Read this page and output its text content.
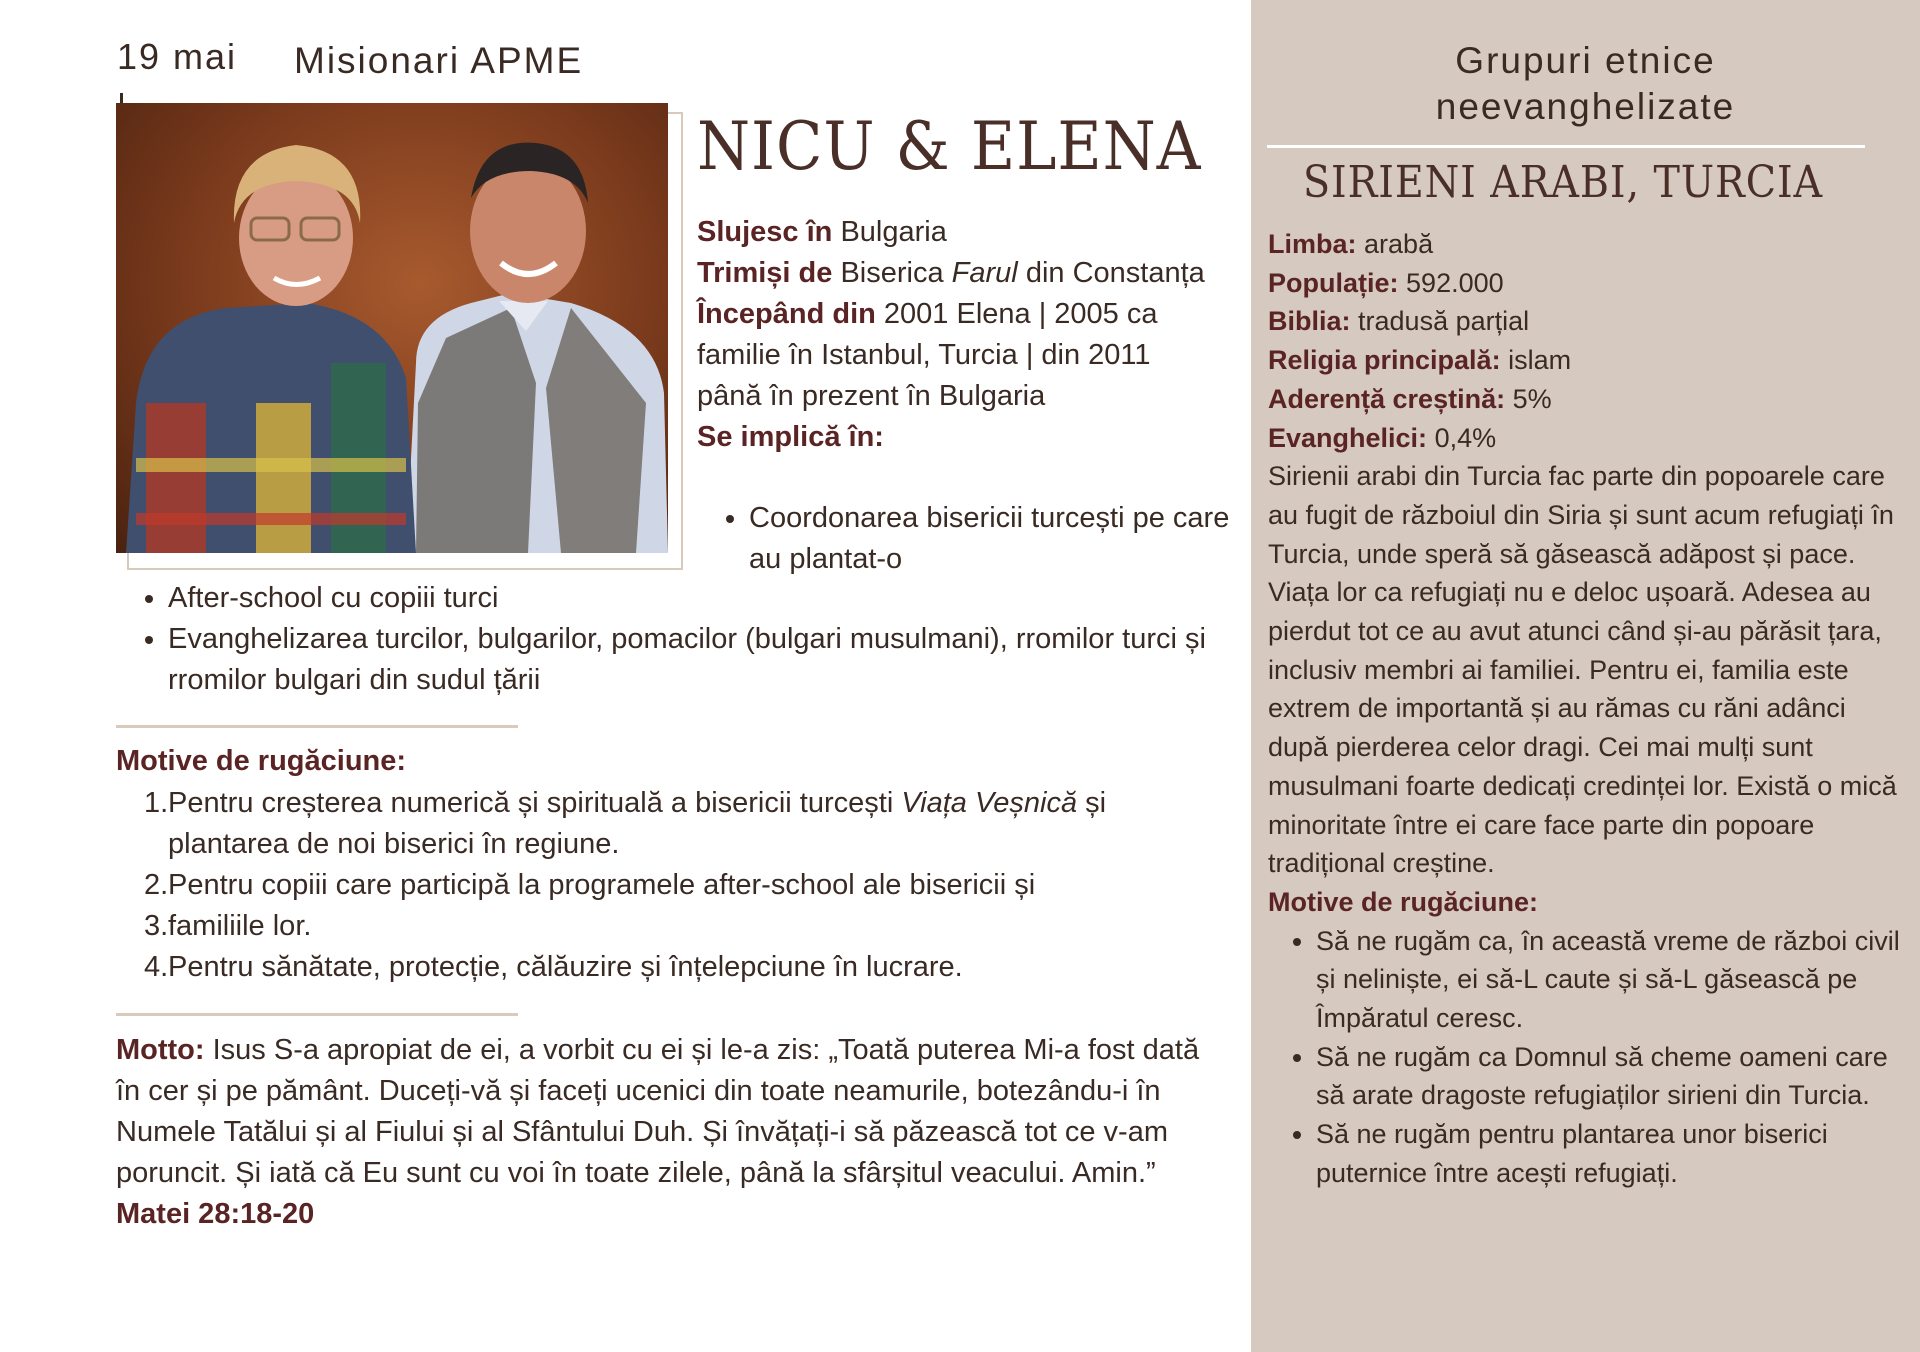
19 mai Misionari APME
NICU & ELENA

Slujesc în Bulgaria

Trimiși de Biserica Farul din Constanța

Începând din 2001 Elena | 2005 ca familie în Istanbul, Turcia | din 2011 până în prezent în Bulgaria

Se implică în:

• Coordonarea bisericii turcești pe care au plantat-o
• After-school cu copiii turci
• Evanghelizarea turcilor, bulgarilor, pomacilor (bulgari musulmani), rromilor turci și rromilor bulgari din sudul țării
Motive de rugăciune:
1. Pentru creșterea numerică și spirituală a bisericii turcești Viața Veșnică și plantarea de noi biserici în regiune.
2. Pentru copiii care participă la programele after-school ale bisericii și
3. familiile lor.
4. Pentru sănătate, protecție, călăuzire și înțelepciune în lucrare.

Motto: Isus S-a apropiat de ei, a vorbit cu ei și le-a zis: „Toată puterea Mi-a fost dată în cer și pe pământ. Duceți-vă și faceți ucenici din toate neamurile, botezându-i în Numele Tatălui și al Fiului și al Sfântului Duh. Și învățați-i să păzească tot ce v-am poruncit. Și iată că Eu sunt cu voi în toate zilele, până la sfârșitul veacului. Amin.” Matei 28:18-20

Grupuri etnice
neevanghelizate
SIRIENI ARABI, TURCIA

Limba: arabă

Populație: 592.000

Biblia: tradusă parțial

Religia principală: islam

Aderență creștină: 5%

Evanghelici: 0,4%

Sirienii arabi din Turcia fac parte din popoarele care au fugit de războiul din Siria și sunt acum refugiați în Turcia, unde speră să găsească adăpost și pace.

Viața lor ca refugiați nu e deloc ușoară. Adesea au pierdut tot ce au avut atunci când și-au părăsit țara, inclusiv membri ai familiei. Pentru ei, familia este extrem de importantă și au rămas cu răni adânci după pierderea celor dragi. Cei mai mulți sunt musulmani foarte dedicați credinței lor. Există o mică minoritate între ei care face parte din popoare tradițional creștine.

Motive de rugăciune:

• Să ne rugăm ca, în această vreme de război civil și neliniște, ei să-L caute și să-L găsească pe Împăratul ceresc.
• Să ne rugăm ca Domnul să cheme oameni care să arate dragoste refugiaților sirieni din Turcia.
• Să ne rugăm pentru plantarea unor biserici puternice între acești refugiați.
